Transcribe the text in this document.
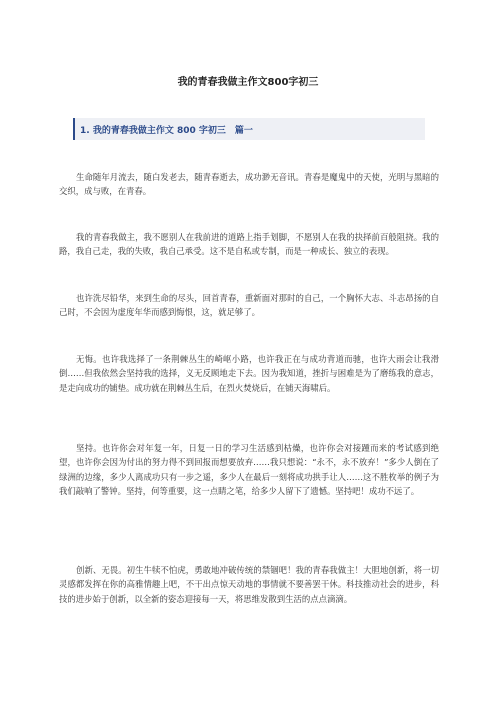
我的青春我做主作文800字初三
1. 我的青春我做主作文 800 字初三　篇一

生命随年月流去，随白发老去，随青春逝去，成功渺无音讯。青春是魔鬼中的天使，光明与黑暗的交织，成与败，在青春。

我的青春我做主，我不愿别人在我前进的道路上指手划脚，不愿别人在我的抉择前百般阻挠。我的路，我自己走，我的失败，我自己承受。这不是自私或专制，而是一种成长、独立的表现。

也许洗尽铅华，来到生命的尽头，回首青春，重新面对那时的自己，一个胸怀大志、斗志昂扬的自己时，不会因为虚度年华而感到悔恨，这，就足够了。

无悔。也许我选择了一条荆棘丛生的崎岖小路，也许我正在与成功背道而驰，也许大雨会让我滑倒……但我依然会坚持我的选择，义无反顾地走下去。因为我知道，挫折与困难是为了磨练我的意志，是走向成功的铺垫。成功就在荆棘丛生后，在烈火焚烧后，在铺天海啸后。

坚持。也许你会对年复一年，日复一日的学习生活感到枯燥，也许你会对接踵而来的考试感到绝望，也许你会因为付出的努力得不到回报而想要放弃……我只想说：“永不，永不放弃！”多少人倒在了绿洲的边缘，多少人离成功只有一步之遥，多少人在最后一刻将成功拱手让人……这不胜枚举的例子为我们敲响了警钟。坚持，何等重要，这一点睛之笔，给多少人留下了遗憾。坚持吧！成功不远了。

创新、无畏。初生牛犊不怕虎，勇敢地冲破传统的禁锢吧！我的青春我做主！大胆地创新，将一切灵感都发挥在你的高雅情趣上吧，不干出点惊天动地的事情就不要善罢干休。科技推动社会的进步，科技的进步始于创新，以全新的姿态迎接每一天，将思维发散到生活的点点滴滴。
